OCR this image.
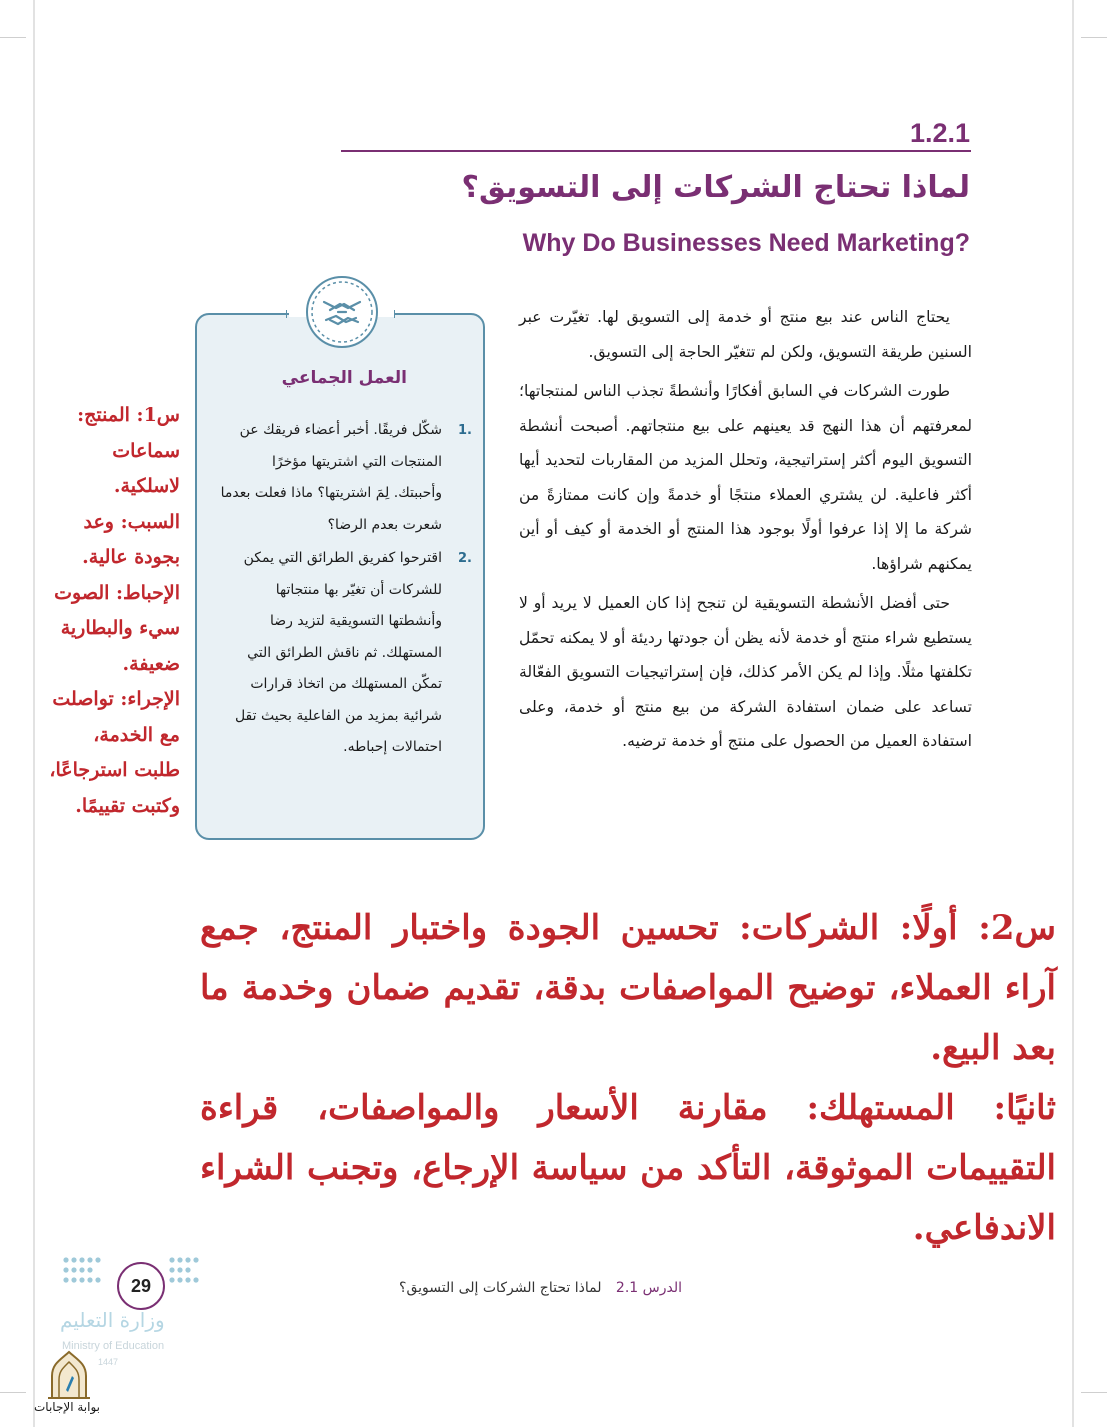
1.2.1
لماذا تحتاج الشركات إلى التسويق؟
Why Do Businesses Need Marketing?

يحتاج الناس عند بيع منتج أو خدمة إلى التسويق لها. تغيّرت عبر السنين طريقة التسويق، ولكن لم تتغيّر الحاجة إلى التسويق.

طورت الشركات في السابق أفكارًا وأنشطةً تجذب الناس لمنتجاتها؛ لمعرفتهم أن هذا النهج قد يعينهم على بيع منتجاتهم. أصبحت أنشطة التسويق اليوم أكثر إستراتيجية، وتحلل المزيد من المقاربات لتحديد أيها أكثر فاعلية. لن يشتري العملاء منتجًا أو خدمةً وإن كانت ممتازةً من شركة ما إلا إذا عرفوا أولًا بوجود هذا المنتج أو الخدمة أو كيف أو أين يمكنهم شراؤها.

حتى أفضل الأنشطة التسويقية لن تنجح إذا كان العميل لا يريد أو لا يستطيع شراء منتج أو خدمة لأنه يظن أن جودتها رديئة أو لا يمكنه تحمّل تكلفتها مثلًا. وإذا لم يكن الأمر كذلك، فإن إستراتيجيات التسويق الفعّالة تساعد على ضمان استفادة الشركة من بيع منتج أو خدمة، وعلى استفادة العميل من الحصول على منتج أو خدمة ترضيه.

العمل الجماعي
1.
شكّل فريقًا. أخبر أعضاء فريقك عن المنتجات التي اشتريتها مؤخرًا وأحببتك. لِمَ اشتريتها؟ ماذا فعلت بعدما شعرت بعدم الرضا؟
2.
اقترحوا كفريق الطرائق التي يمكن للشركات أن تغيّر بها منتجاتها وأنشطتها التسويقية لتزيد رضا المستهلك. ثم ناقش الطرائق التي تمكّن المستهلك من اتخاذ قرارات شرائية بمزيد من الفاعلية بحيث تقل احتمالات إحباطه.
س1: المنتج:
سماعات
لاسلكية.
السبب: وعد
بجودة عالية.
الإحباط: الصوت
سيء والبطارية
ضعيفة.
الإجراء: تواصلت
مع الخدمة،
طلبت استرجاعًا،
وكتبت تقييمًا.
س2: أولًا: الشركات: تحسين الجودة واختبار المنتج، جمع آراء العملاء، توضيح المواصفات بدقة، تقديم ضمان وخدمة ما بعد البيع.
ثانيًا: المستهلك: مقارنة الأسعار والمواصفات، قراءة التقييمات الموثوقة، التأكد من سياسة الإرجاع، وتجنب الشراء الاندفاعي.
29
وزارة التعليم
Ministry of Education
1447
الدرس 2.1 لماذا تحتاج الشركات إلى التسويق؟
بوابة الإجابات
